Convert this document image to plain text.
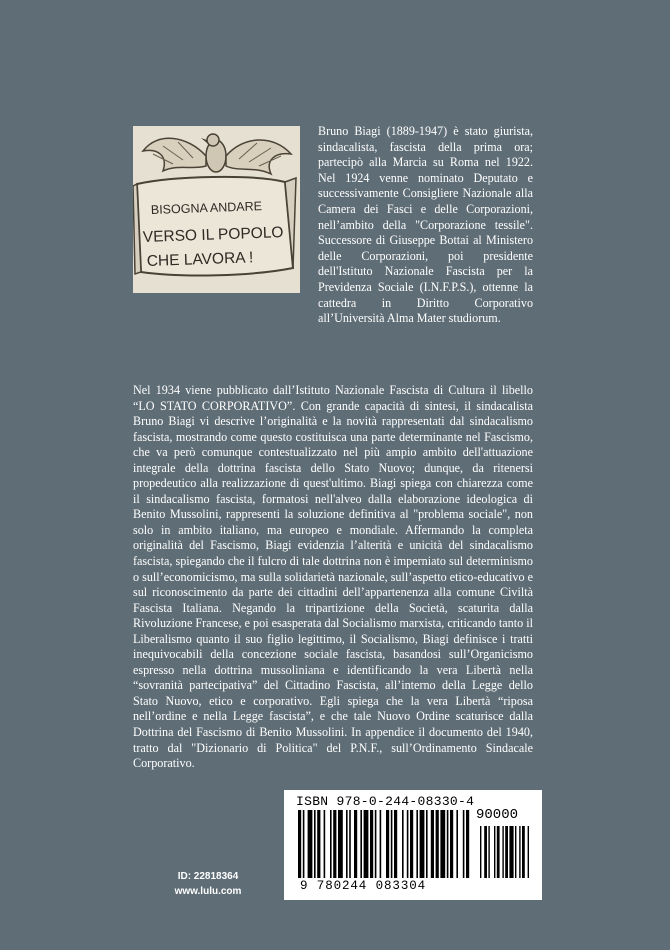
BISOGNA ANDARE
VERSO IL POPOLO
CHE LAVORA !

Bruno Biagi (1889-1947) è stato giurista, sindacalista, fascista della prima ora; partecipò alla Marcia su Roma nel 1922. Nel 1924 venne nominato Deputato e successivamente Consigliere Nazionale alla Camera dei Fasci e delle Corporazioni, nell’ambito della "Corporazione tessile". Successore di Giuseppe Bottai al Ministero delle Corporazioni, poi presidente dell'Istituto Nazionale Fascista per la Previdenza Sociale (I.N.F.P.S.), ottenne la cattedra in Diritto Corporativo all’Università Alma Mater studiorum.

Nel 1934 viene pubblicato dall’Istituto Nazionale Fascista di Cultura il libello “LO STATO CORPORATIVO”. Con grande capacità di sintesi, il sindacalista Bruno Biagi vi descrive l’originalità e la novità rappresentati dal sindacalismo fascista, mostrando come questo costituisca una parte determinante nel Fascismo, che va però comunque contestualizzato nel più ampio ambito dell'attuazione integrale della dottrina fascista dello Stato Nuovo; dunque, da ritenersi propedeutico alla realizzazione di quest'ultimo. Biagi spiega con chiarezza come il sindacalismo fascista, formatosi nell'alveo dalla elaborazione ideologica di Benito Mussolini, rappresenti la soluzione definitiva al "problema sociale", non solo in ambito italiano, ma europeo e mondiale. Affermando la completa originalità del Fascismo, Biagi evidenzia l’alterità e unicità del sindacalismo fascista, spiegando che il fulcro di tale dottrina non è imperniato sul determinismo o sull’economicismo, ma sulla solidarietà nazionale, sull’aspetto etico-educativo e sul riconoscimento da parte dei cittadini dell’appartenenza alla comune Civiltà Fascista Italiana. Negando la tripartizione della Società, scaturita dalla Rivoluzione Francese, e poi esasperata dal Socialismo marxista, criticando tanto il Liberalismo quanto il suo figlio legittimo, il Socialismo, Biagi definisce i tratti inequivocabili della concezione sociale fascista, basandosi sull’Organicismo espresso nella dottrina mussoliniana e identificando la vera Libertà nella “sovranità partecipativa” del Cittadino Fascista, all’interno della Legge dello Stato Nuovo, etico e corporativo. Egli spiega che la vera Libertà “riposa nell’ordine e nella Legge fascista”, e che tale Nuovo Ordine scaturisce dalla Dottrina del Fascismo di Benito Mussolini. In appendice il documento del 1940, tratto dal "Dizionario di Politica" del P.N.F., sull’Ordinamento Sindacale Corporativo.

ID: 22818364
www.lulu.com
ISBN 978-0-244-08330-4
90000
9 780244 083304
